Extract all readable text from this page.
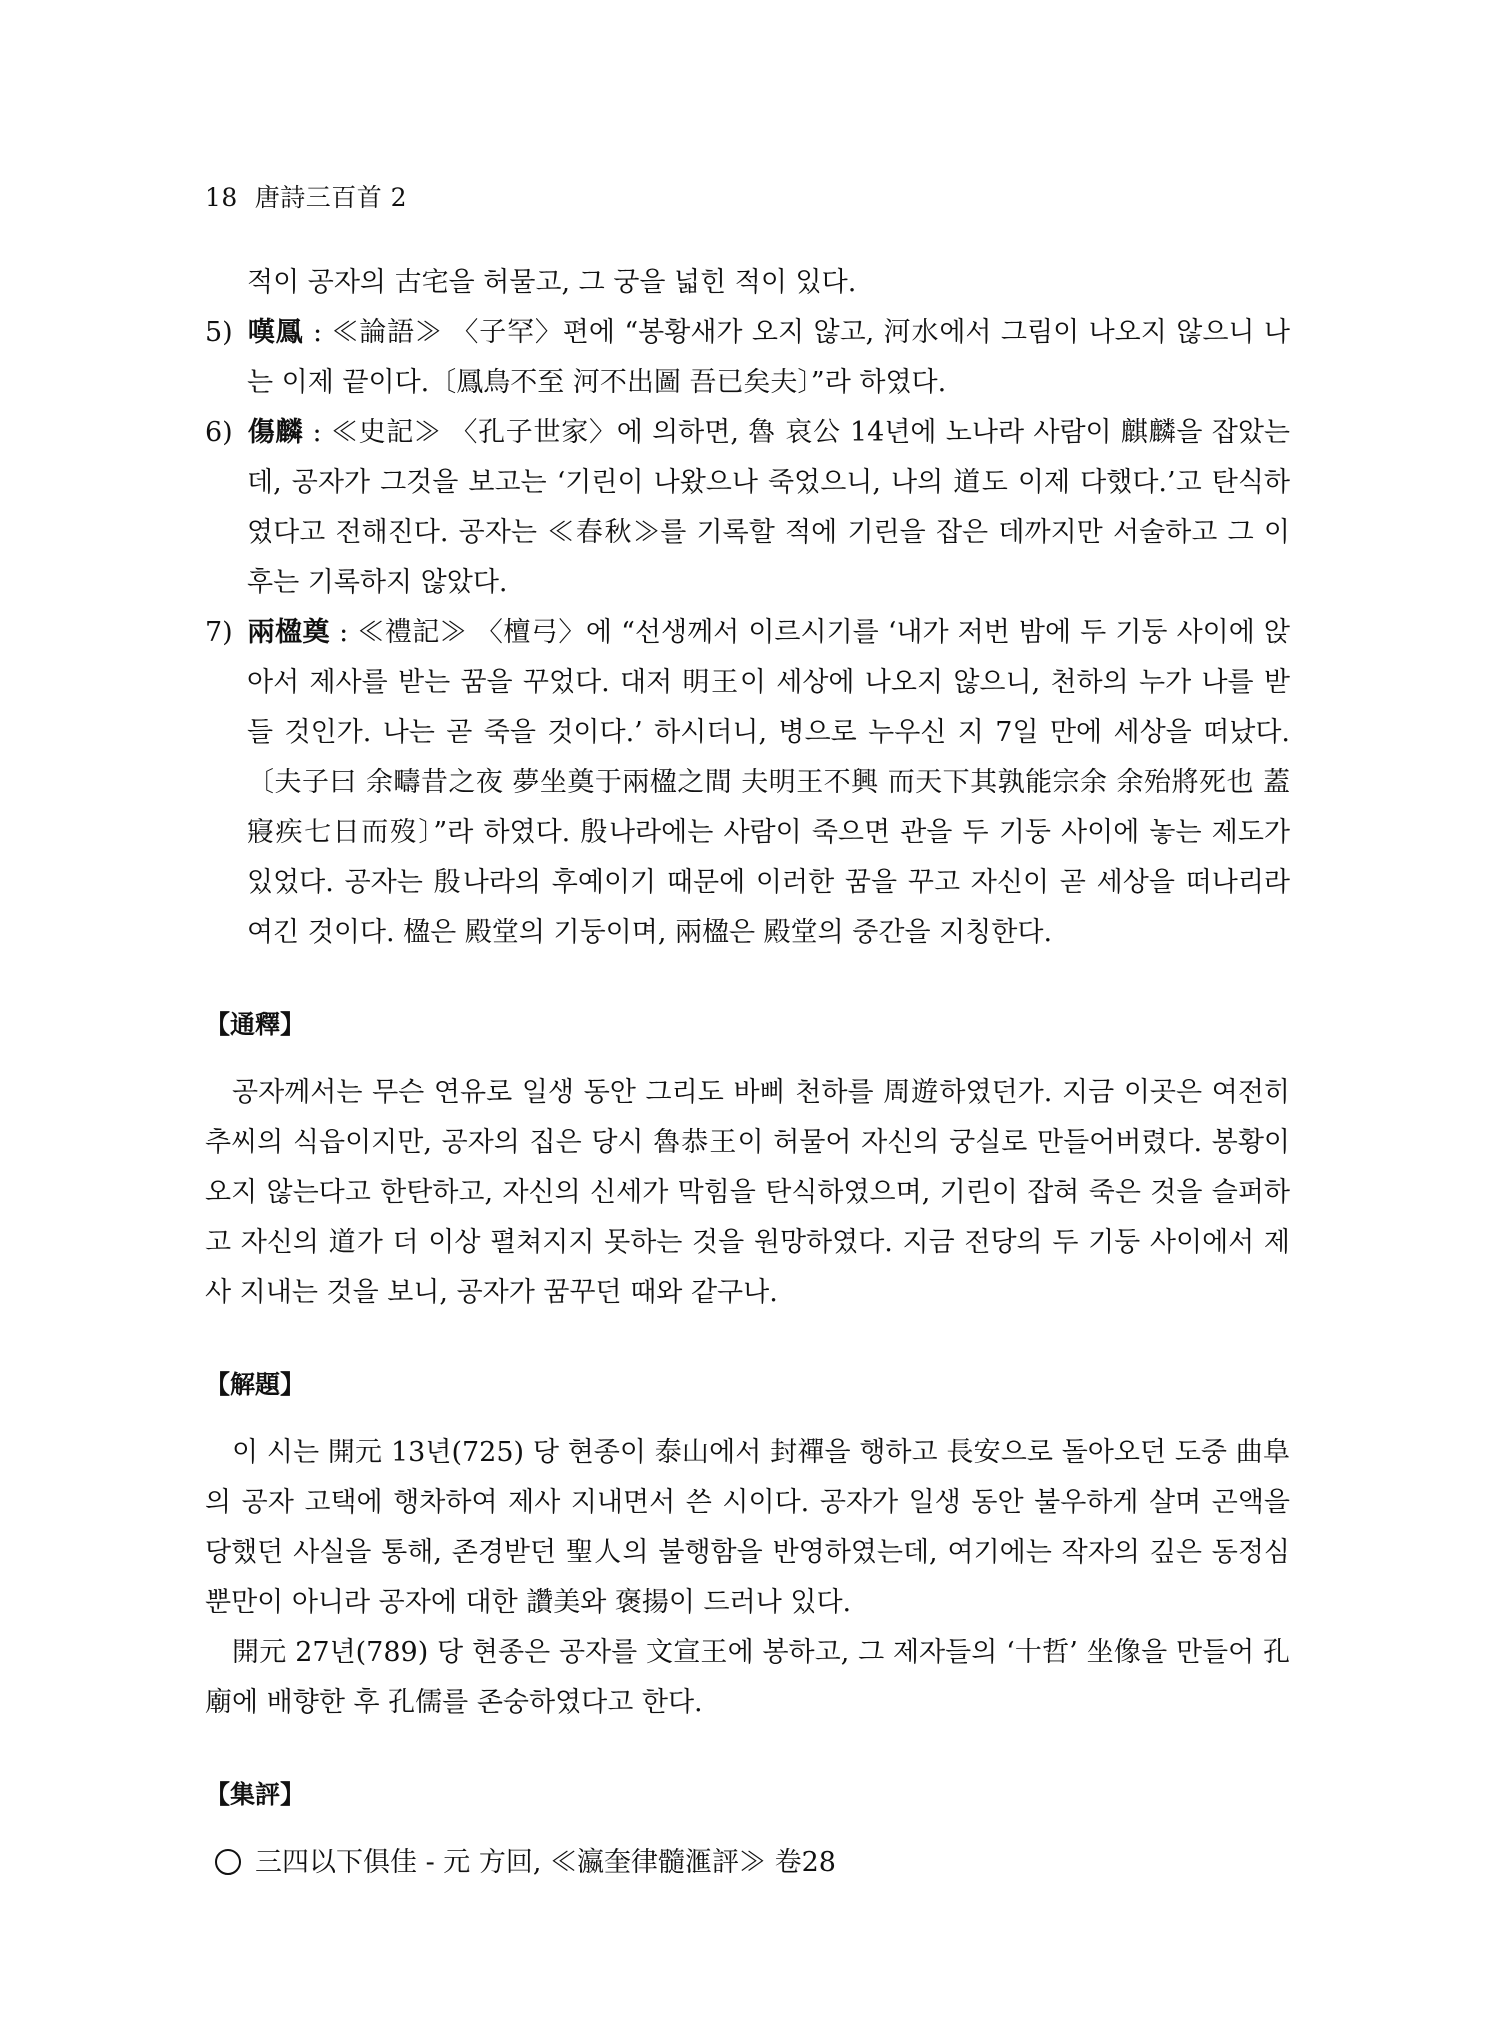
18 唐詩三百首 2
적이 공자의 古宅을 허물고, 그 궁을 넓힌 적이 있다.

5) 嘆鳳 : ≪論語≫ 〈子罕〉편에 “봉황새가 오지 않고, 河水에서 그림이 나오지 않으니 나는 이제 끝이다.〔鳳鳥不至 河不出圖 吾已矣夫〕”라 하였다.

6) 傷麟 : ≪史記≫ 〈孔子世家〉에 의하면, 魯 哀公 14년에 노나라 사람이 麒麟을 잡았는데, 공자가 그것을 보고는 ‘기린이 나왔으나 죽었으니, 나의 道도 이제 다했다.’고 탄식하였다고 전해진다. 공자는 ≪春秋≫를 기록할 적에 기린을 잡은 데까지만 서술하고 그 이후는 기록하지 않았다.

7) 兩楹奠 : ≪禮記≫ 〈檀弓〉에 “선생께서 이르시기를 ‘내가 저번 밤에 두 기둥 사이에 앉아서 제사를 받는 꿈을 꾸었다. 대저 明王이 세상에 나오지 않으니, 천하의 누가 나를 받들 것인가. 나는 곧 죽을 것이다.’ 하시더니, 병으로 누우신 지 7일 만에 세상을 떠났다.〔夫子曰 余疇昔之夜 夢坐奠于兩楹之間 夫明王不興 而天下其孰能宗余 余殆將死也 蓋寢疾七日而歿〕”라 하였다. 殷나라에는 사람이 죽으면 관을 두 기둥 사이에 놓는 제도가 있었다. 공자는 殷나라의 후예이기 때문에 이러한 꿈을 꾸고 자신이 곧 세상을 떠나리라 여긴 것이다. 楹은 殿堂의 기둥이며, 兩楹은 殿堂의 중간을 지칭한다.

【通釋】

공자께서는 무슨 연유로 일생 동안 그리도 바삐 천하를 周遊하였던가. 지금 이곳은 여전히 추씨의 식읍이지만, 공자의 집은 당시 魯恭王이 허물어 자신의 궁실로 만들어버렸다. 봉황이 오지 않는다고 한탄하고, 자신의 신세가 막힘을 탄식하였으며, 기린이 잡혀 죽은 것을 슬퍼하고 자신의 道가 더 이상 펼쳐지지 못하는 것을 원망하였다. 지금 전당의 두 기둥 사이에서 제사 지내는 것을 보니, 공자가 꿈꾸던 때와 같구나.

【解題】

이 시는 開元 13년(725) 당 현종이 泰山에서 封禪을 행하고 長安으로 돌아오던 도중 曲阜의 공자 고택에 행차하여 제사 지내면서 쓴 시이다. 공자가 일생 동안 불우하게 살며 곤액을 당했던 사실을 통해, 존경받던 聖人의 불행함을 반영하였는데, 여기에는 작자의 깊은 동정심뿐만이 아니라 공자에 대한 讚美와 褒揚이 드러나 있다.

開元 27년(789) 당 현종은 공자를 文宣王에 봉하고, 그 제자들의 ‘十哲’ 坐像을 만들어 孔廟에 배향한 후 孔儒를 존숭하였다고 한다.

【集評】
三四以下俱佳 - 元 方回, ≪瀛奎律髓滙評≫ 卷28
